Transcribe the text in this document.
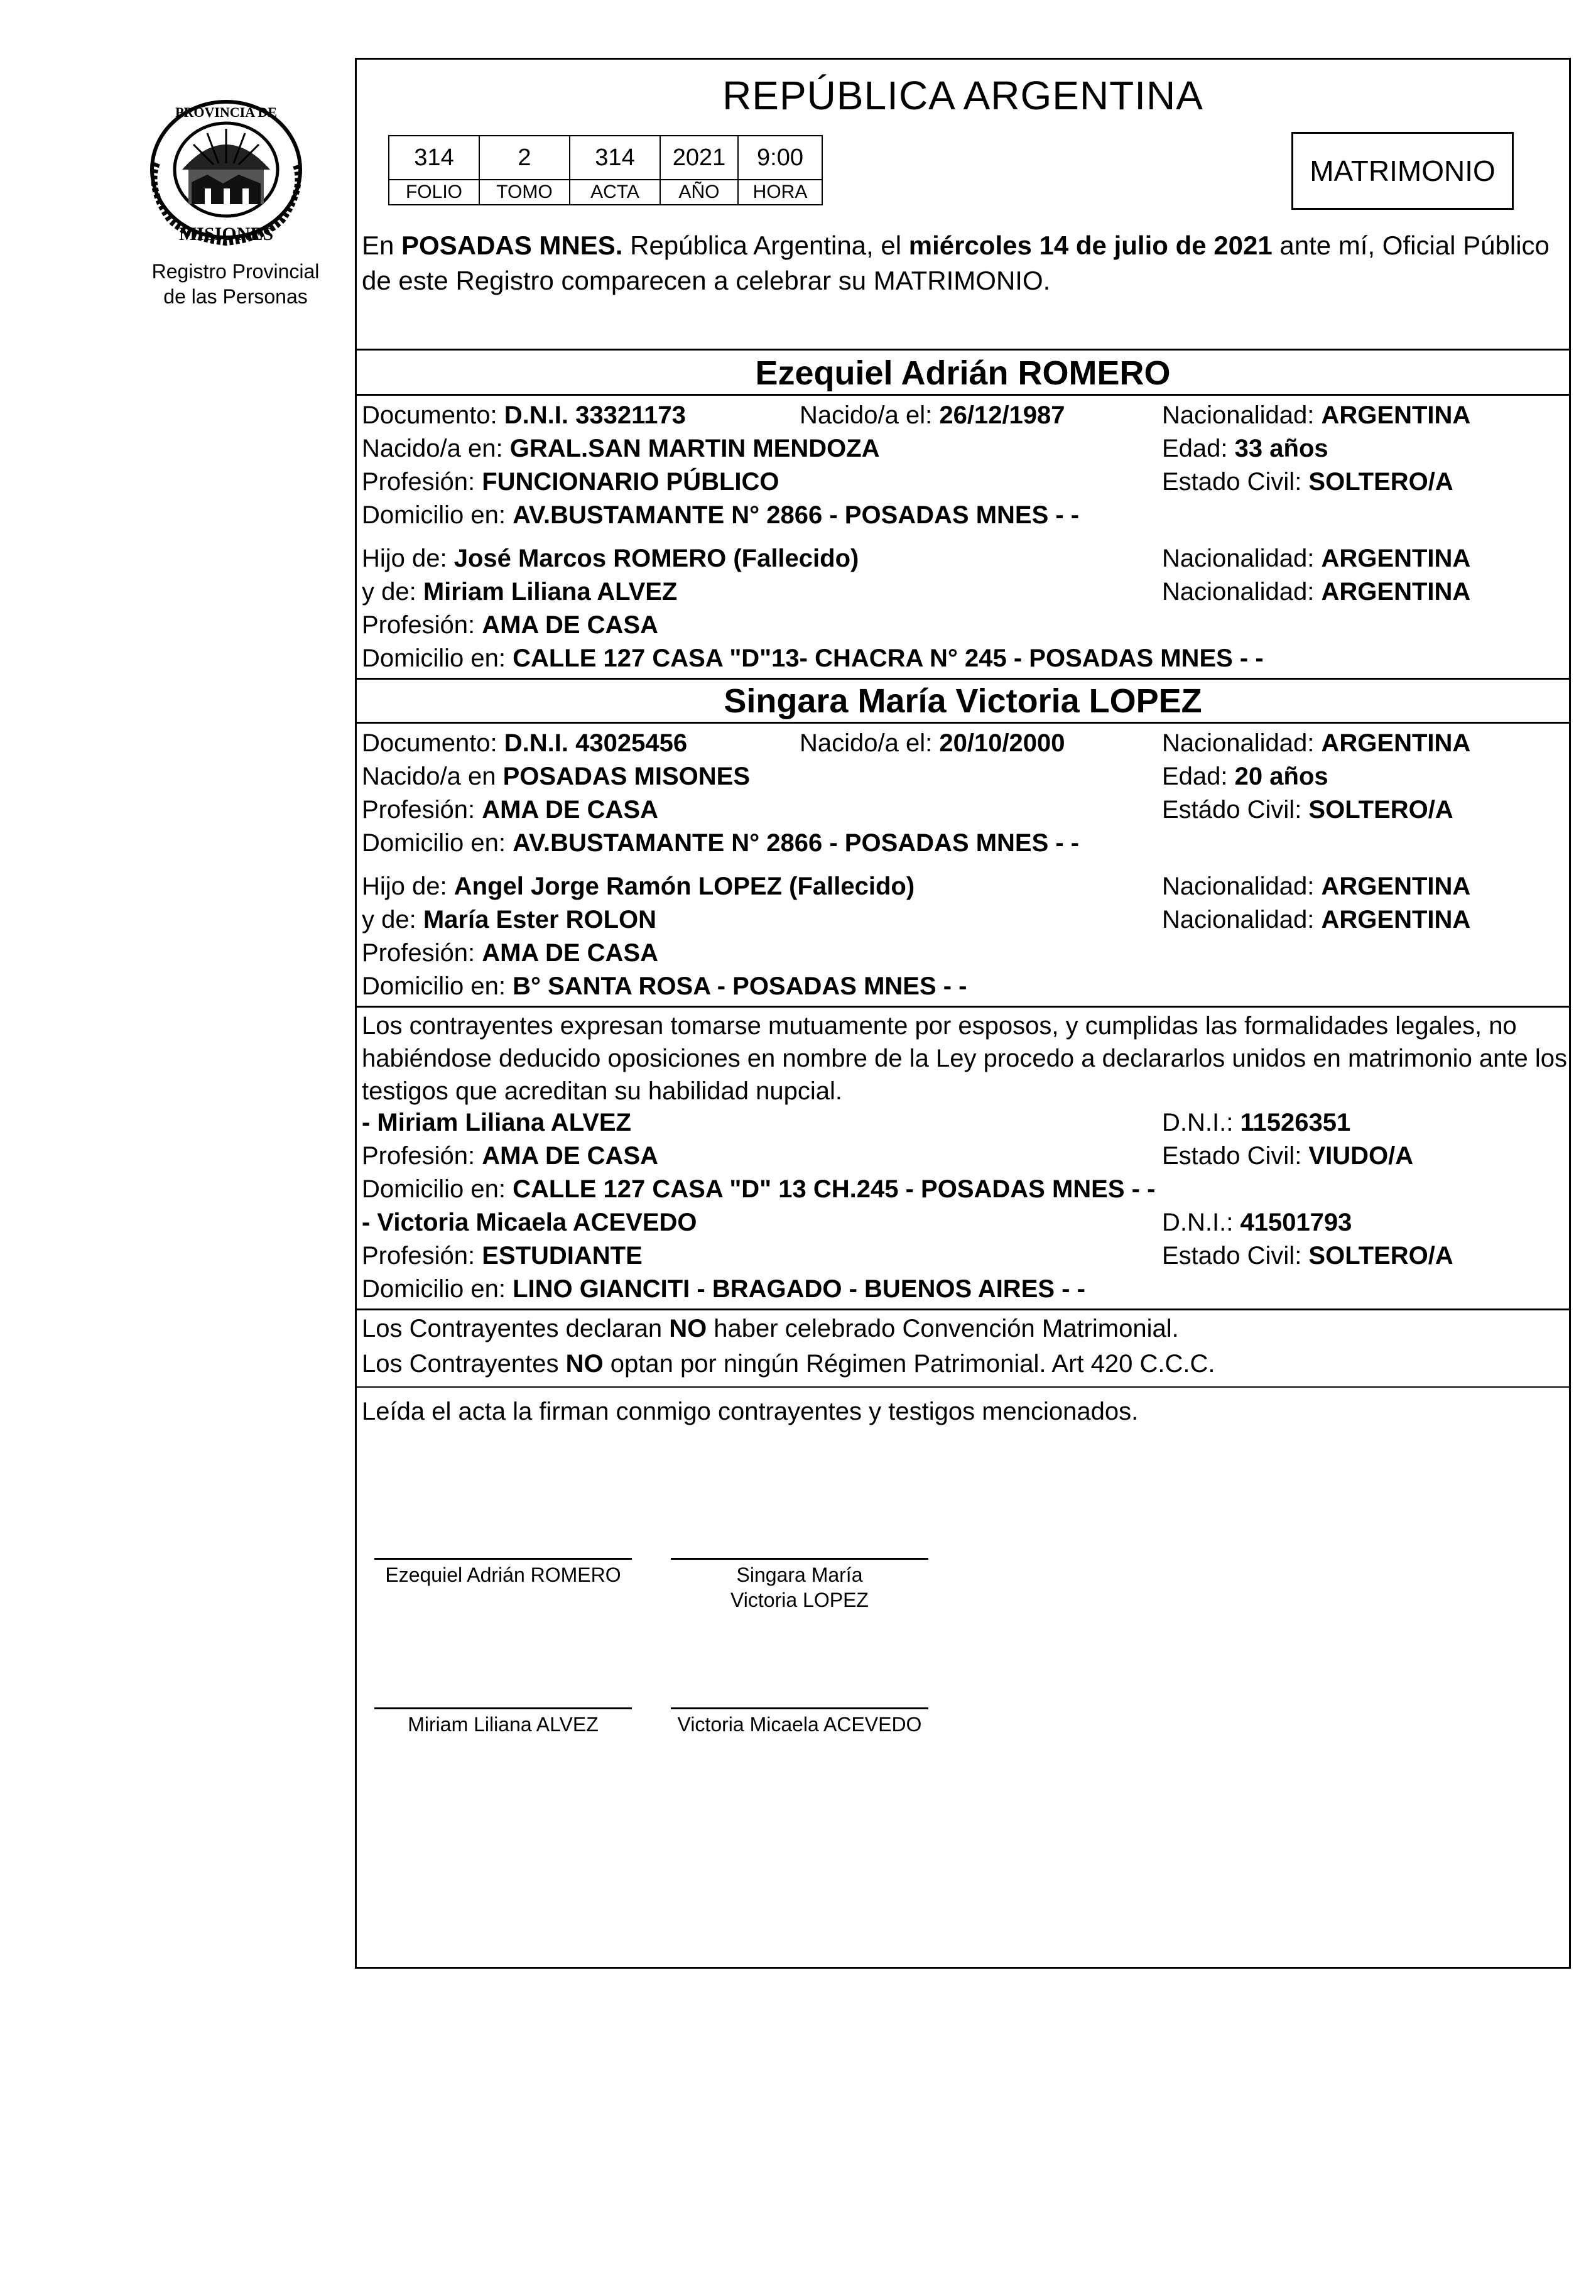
PROVINCIA DE
MISIONES
Registro Provincial
de las Personas
REPÚBLICA ARGENTINA
314	2	314	2021	9:00
FOLIO	TOMO	ACTA	AÑO	HORA
MATRIMONIO
En POSADAS MNES. República Argentina, el miércoles 14 de julio de 2021 ante mí, Oficial Público de este Registro comparecen a celebrar su MATRIMONIO.
Ezequiel Adrián ROMERO
Documento: D.N.I. 33321173	Nacido/a el: 26/12/1987	Nacionalidad: ARGENTINA
Nacido/a en: GRAL.SAN MARTIN MENDOZA	Edad: 33 años
Profesión: FUNCIONARIO PÚBLICO	Estado Civil: SOLTERO/A
Domicilio en: AV.BUSTAMANTE N° 2866 - POSADAS MNES - -
Hijo de: José Marcos ROMERO (Fallecido)	Nacionalidad: ARGENTINA
y de: Miriam Liliana ALVEZ	Nacionalidad: ARGENTINA
Profesión: AMA DE CASA
Domicilio en: CALLE 127 CASA "D"13- CHACRA N° 245 - POSADAS MNES - -
Singara María Victoria LOPEZ
Documento: D.N.I. 43025456	Nacido/a el: 20/10/2000	Nacionalidad: ARGENTINA
Nacido/a en POSADAS MISONES	Edad: 20 años
Profesión: AMA DE CASA	Estádo Civil: SOLTERO/A
Domicilio en: AV.BUSTAMANTE N° 2866 - POSADAS MNES - -
Hijo de: Angel Jorge Ramón LOPEZ (Fallecido)	Nacionalidad: ARGENTINA
y de: María Ester ROLON	Nacionalidad: ARGENTINA
Profesión: AMA DE CASA
Domicilio en: B° SANTA ROSA - POSADAS MNES - -
Los contrayentes expresan tomarse mutuamente por esposos, y cumplidas las formalidades legales, no habiéndose deducido oposiciones en nombre de la Ley procedo a declararlos unidos en matrimonio ante los testigos que acreditan su habilidad nupcial.
- Miriam Liliana ALVEZ	D.N.I.: 11526351
Profesión: AMA DE CASA	Estado Civil: VIUDO/A
Domicilio en: CALLE 127 CASA "D" 13 CH.245 - POSADAS MNES - -
- Victoria Micaela ACEVEDO	D.N.I.: 41501793
Profesión: ESTUDIANTE	Estado Civil: SOLTERO/A
Domicilio en: LINO GIANCITI - BRAGADO - BUENOS AIRES - -
Los Contrayentes declaran NO haber celebrado Convención Matrimonial.
Los Contrayentes NO optan por ningún Régimen Patrimonial. Art 420 C.C.C.
Leída el acta la firman conmigo contrayentes y testigos mencionados.
Ezequiel Adrián ROMERO	Singara María Victoria LOPEZ
Miriam Liliana ALVEZ	Victoria Micaela ACEVEDO
